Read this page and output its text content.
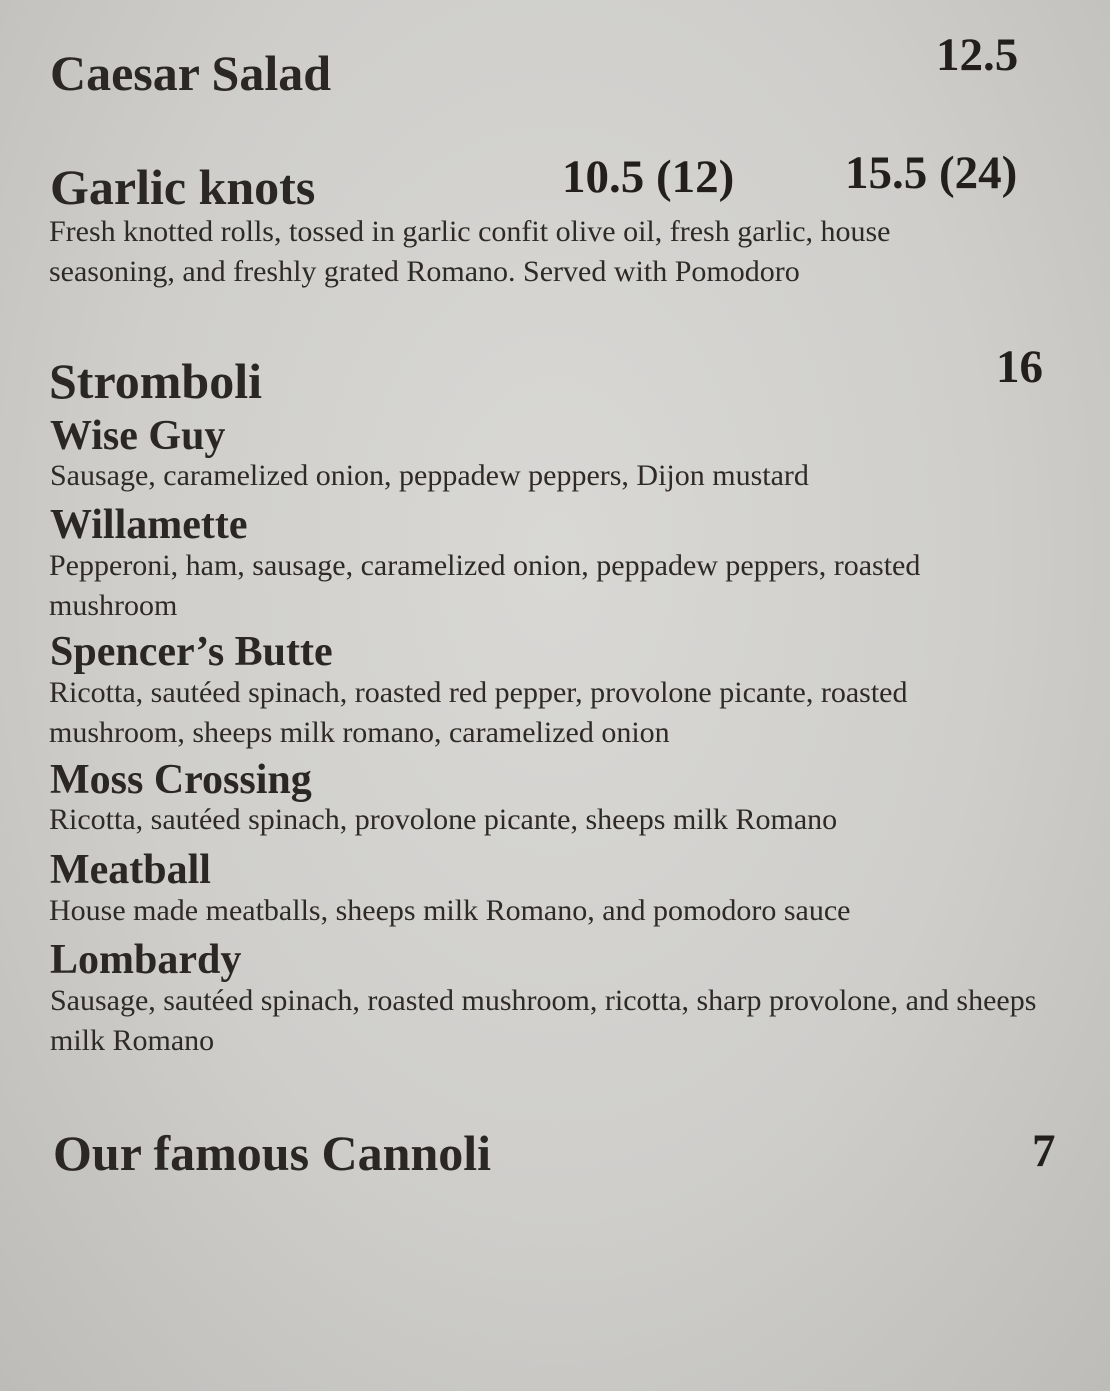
Caesar Salad	12.5
Garlic knots	10.5 (12) 15.5 (24)
Fresh knotted rolls, tossed in garlic confit olive oil, fresh garlic, house seasoning, and freshly grated Romano. Served with Pomodoro
Stromboli	16
Wise Guy
Sausage, caramelized onion, peppadew peppers, Dijon mustard
Willamette
Pepperoni, ham, sausage, caramelized onion, peppadew peppers, roasted mushroom
Spencer’s Butte
Ricotta, sautéed spinach, roasted red pepper, provolone picante, roasted mushroom, sheeps milk romano, caramelized onion
Moss Crossing
Ricotta, sautéed spinach, provolone picante, sheeps milk Romano
Meatball
House made meatballs, sheeps milk Romano, and pomodoro sauce
Lombardy
Sausage, sautéed spinach, roasted mushroom, ricotta, sharp provolone, and sheeps milk Romano
Our famous Cannoli	7
